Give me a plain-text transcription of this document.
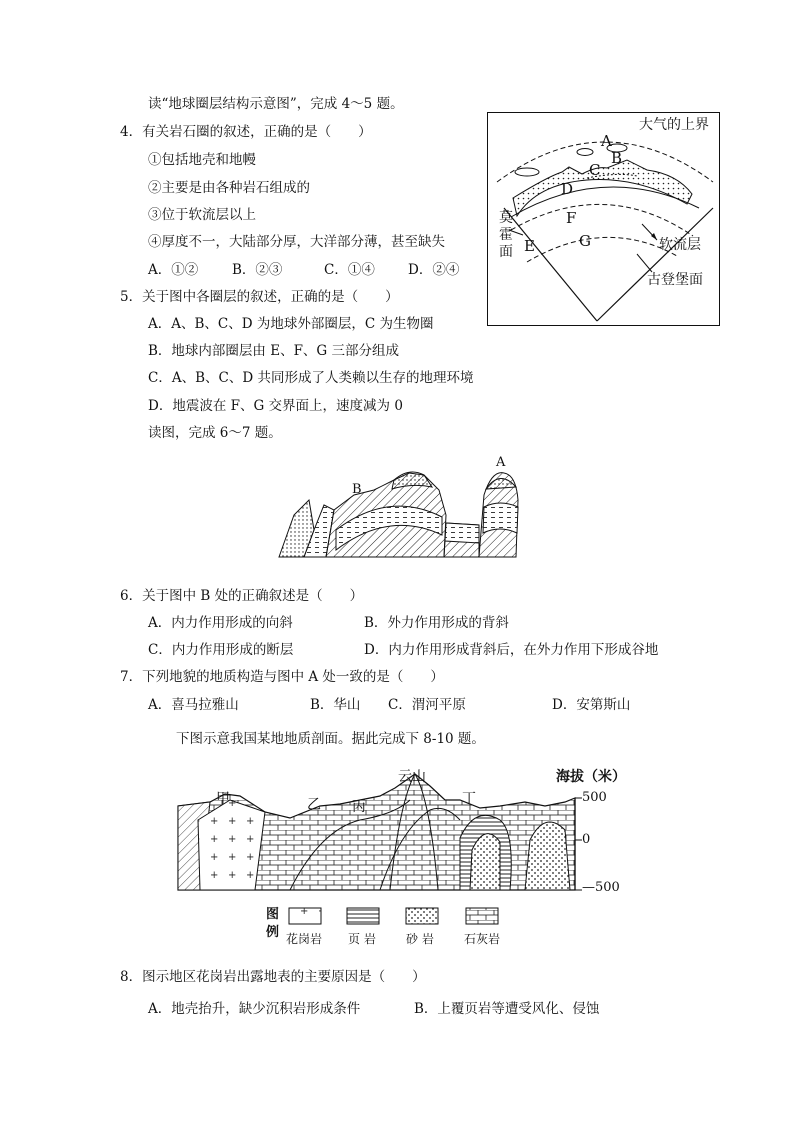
读“地球圈层结构示意图”，完成 4～5 题。
4．有关岩石圈的叙述，正确的是（　　）
①包括地壳和地幔
②主要是由各种岩石组成的
③位于软流层以上
④厚度不一，大陆部分厚，大洋部分薄，甚至缺失
A．①②	B．②③	C．①④ D．②④
5．关于图中各圈层的叙述，正确的是（　　）
A．A、B、C、D 为地球外部圈层，C 为生物圈
B．地球内部圈层由 E、F、G 三部分组成
C．A、B、C、D 共同形成了人类赖以生存的地理环境
D．地震波在 F、G 交界面上，速度减为 0
读图，完成 6～7 题。
大气的上界
A
B
C
D
E
F
G
莫
霍
面	软流层
古登堡面
B
A
6．关于图中 B 处的正确叙述是（　　）
A．内力作用形成的向斜	B．外力作用形成的背斜
C．内力作用形成的断层	D．内力作用形成背斜后，在外力作用下形成谷地
7．下列地貌的地质构造与图中 A 处一致的是（　　）
A．喜马拉雅山	B．华山 C．渭河平原	D．安第斯山
下图示意我国某地地质剖面。据此完成下 8-10 题。
甲	乙 丙
云山
丁
海拔（米）
500
0
—500
图
例 花岗岩 页 岩	砂 岩	石灰岩
8．图示地区花岗岩出露地表的主要原因是（　　）
A．地壳抬升，缺少沉积岩形成条件	B．上覆页岩等遭受风化、侵蚀
